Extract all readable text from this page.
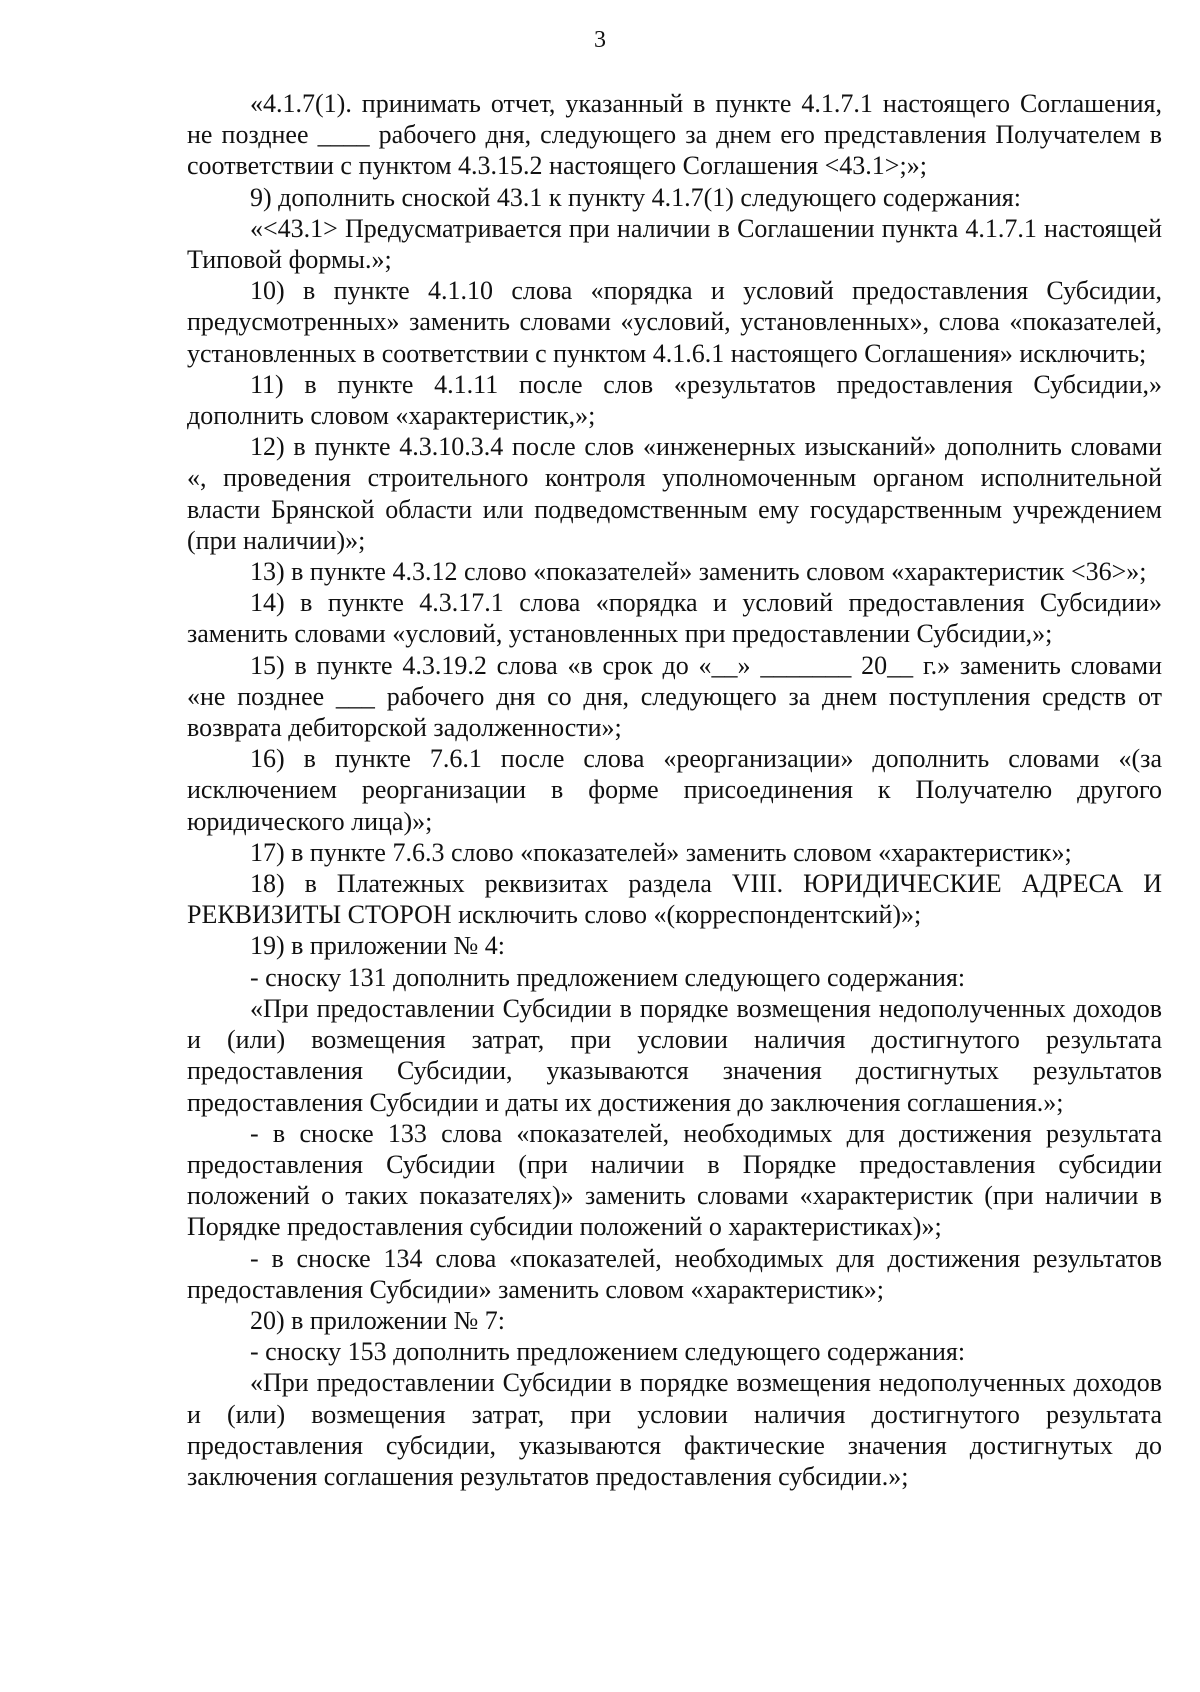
3

«4.1.7(1). принимать отчет, указанный в пункте 4.1.7.1 настоящего Соглашения, не позднее ____ рабочего дня, следующего за днем его представления Получателем в соответствии с пунктом 4.3.15.2 настоящего Соглашения <43.1>;»;

9) дополнить сноской 43.1 к пункту 4.1.7(1) следующего содержания:

«<43.1> Предусматривается при наличии в Соглашении пункта 4.1.7.1 настоящей Типовой формы.»;

10) в пункте 4.1.10 слова «порядка и условий предоставления Субсидии, предусмотренных» заменить словами «условий, установленных», слова «показателей, установленных в соответствии с пунктом 4.1.6.1 настоящего Соглашения» исключить;

11) в пункте 4.1.11 после слов «результатов предоставления Субсидии,» дополнить словом «характеристик,»;

12) в пункте 4.3.10.3.4 после слов «инженерных изысканий» дополнить словами «, проведения строительного контроля уполномоченным органом исполнительной власти Брянской области или подведомственным ему государственным учреждением (при наличии)»;

13) в пункте 4.3.12 слово «показателей» заменить словом «характеристик <36>»;

14) в пункте 4.3.17.1 слова «порядка и условий предоставления Субсидии» заменить словами «условий, установленных при предоставлении Субсидии,»;

15) в пункте 4.3.19.2 слова «в срок до «__» _______ 20__ г.» заменить словами «не позднее ___ рабочего дня со дня, следующего за днем поступления средств от возврата дебиторской задолженности»;

16) в пункте 7.6.1 после слова «реорганизации» дополнить словами «(за исключением реорганизации в форме присоединения к Получателю другого юридического лица)»;

17) в пункте 7.6.3 слово «показателей» заменить словом «характеристик»;

18) в Платежных реквизитах раздела VIII. ЮРИДИЧЕСКИЕ АДРЕСА И РЕКВИЗИТЫ СТОРОН исключить слово «(корреспондентский)»;

19) в приложении № 4:

- сноску 131 дополнить предложением следующего содержания:

«При предоставлении Субсидии в порядке возмещения недополученных доходов и (или) возмещения затрат, при условии наличия достигнутого результата предоставления Субсидии, указываются значения достигнутых результатов предоставления Субсидии и даты их достижения до заключения соглашения.»;

- в сноске 133 слова «показателей, необходимых для достижения результата предоставления Субсидии (при наличии в Порядке предоставления субсидии положений о таких показателях)» заменить словами «характеристик (при наличии в Порядке предоставления субсидии положений о характеристиках)»;

- в сноске 134 слова «показателей, необходимых для достижения результатов предоставления Субсидии» заменить словом «характеристик»;

20) в приложении № 7:

- сноску 153 дополнить предложением следующего содержания:

«При предоставлении Субсидии в порядке возмещения недополученных доходов и (или) возмещения затрат, при условии наличия достигнутого результата предоставления субсидии, указываются фактические значения достигнутых до заключения соглашения результатов предоставления субсидии.»;
